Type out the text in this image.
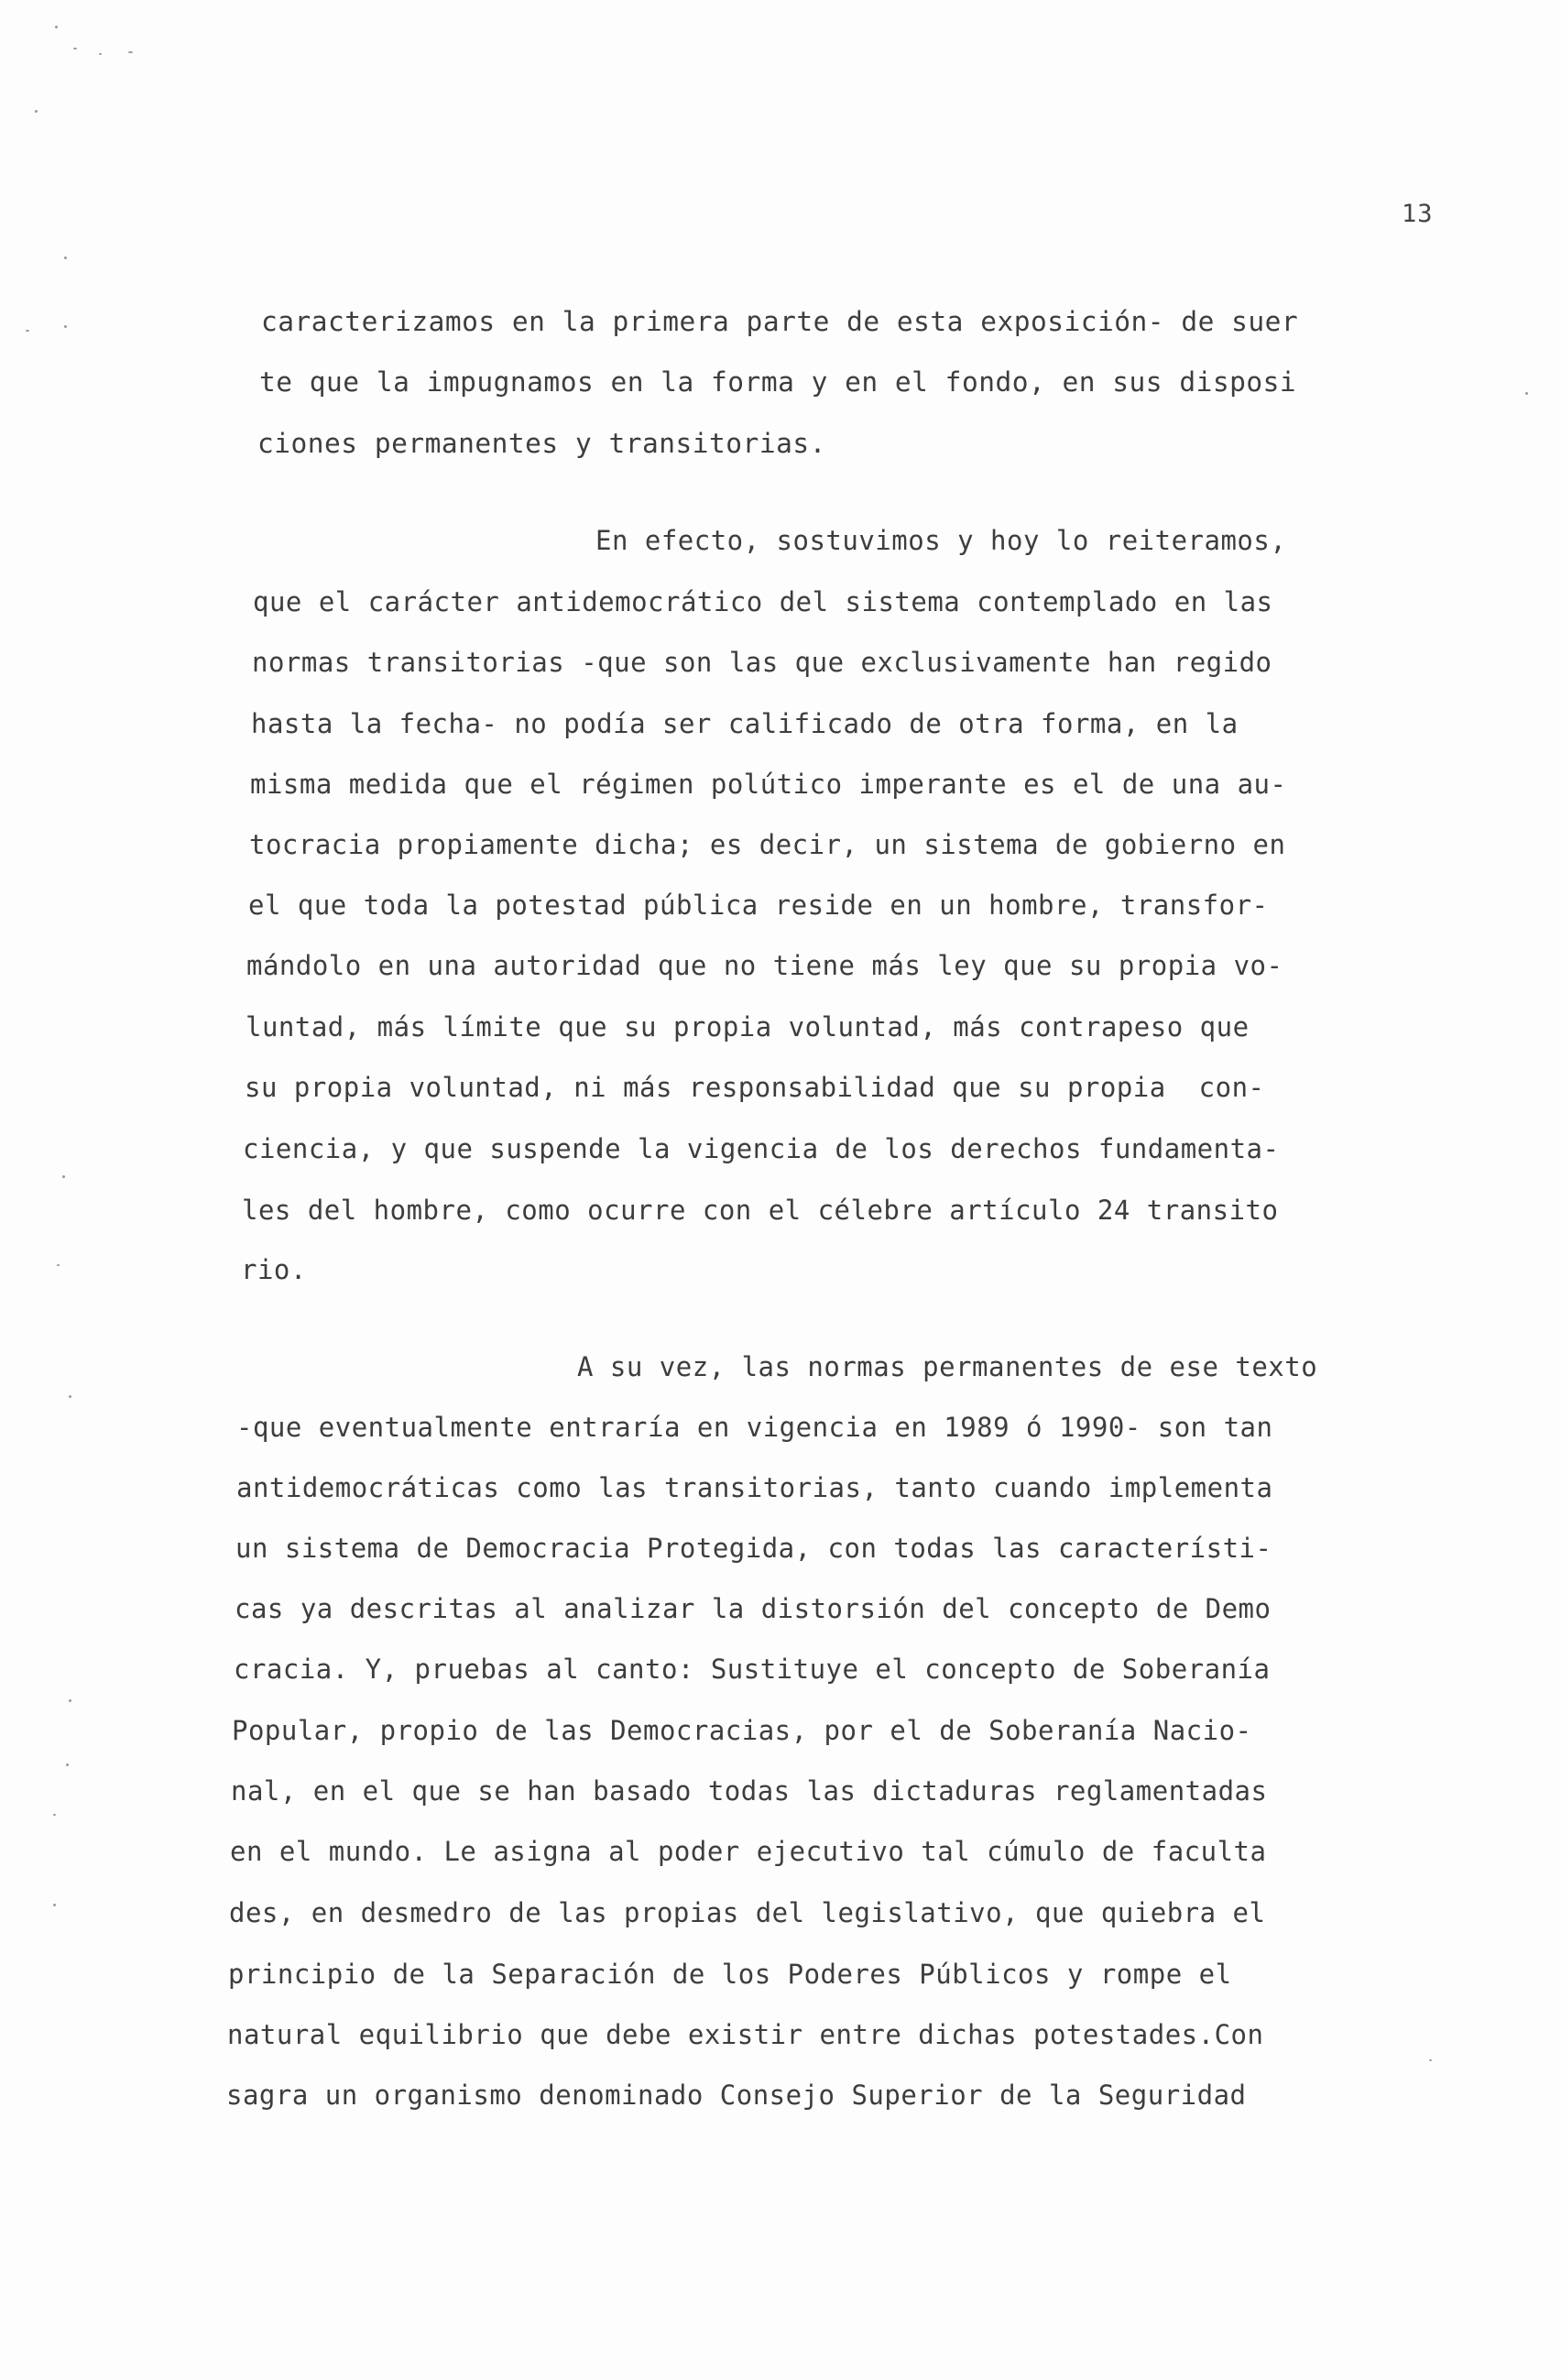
13
caracterizamos en la primera parte de esta exposición- de suer
te que la impugnamos en la forma y en el fondo, en sus disposi
ciones permanentes y transitorias.
En efecto, sostuvimos y hoy lo reiteramos,
que el carácter antidemocrático del sistema contemplado en las
normas transitorias -que son las que exclusivamente han regido
hasta la fecha- no podía ser calificado de otra forma, en la
misma medida que el régimen polútico imperante es el de una au-
tocracia propiamente dicha; es decir, un sistema de gobierno en
el que toda la potestad pública reside en un hombre, transfor-
mándolo en una autoridad que no tiene más ley que su propia vo-
luntad, más límite que su propia voluntad, más contrapeso que
su propia voluntad, ni más responsabilidad que su propia  con-
ciencia, y que suspende la vigencia de los derechos fundamenta-
les del hombre, como ocurre con el célebre artículo 24 transito
rio.
A su vez, las normas permanentes de ese texto
-que eventualmente entraría en vigencia en 1989 ó 1990- son tan
antidemocráticas como las transitorias, tanto cuando implementa
un sistema de Democracia Protegida, con todas las característi-
cas ya descritas al analizar la distorsión del concepto de Demo
cracia. Y, pruebas al canto: Sustituye el concepto de Soberanía
Popular, propio de las Democracias, por el de Soberanía Nacio-
nal, en el que se han basado todas las dictaduras reglamentadas
en el mundo. Le asigna al poder ejecutivo tal cúmulo de faculta
des, en desmedro de las propias del legislativo, que quiebra el
principio de la Separación de los Poderes Públicos y rompe el
natural equilibrio que debe existir entre dichas potestades.Con
sagra un organismo denominado Consejo Superior de la Seguridad
